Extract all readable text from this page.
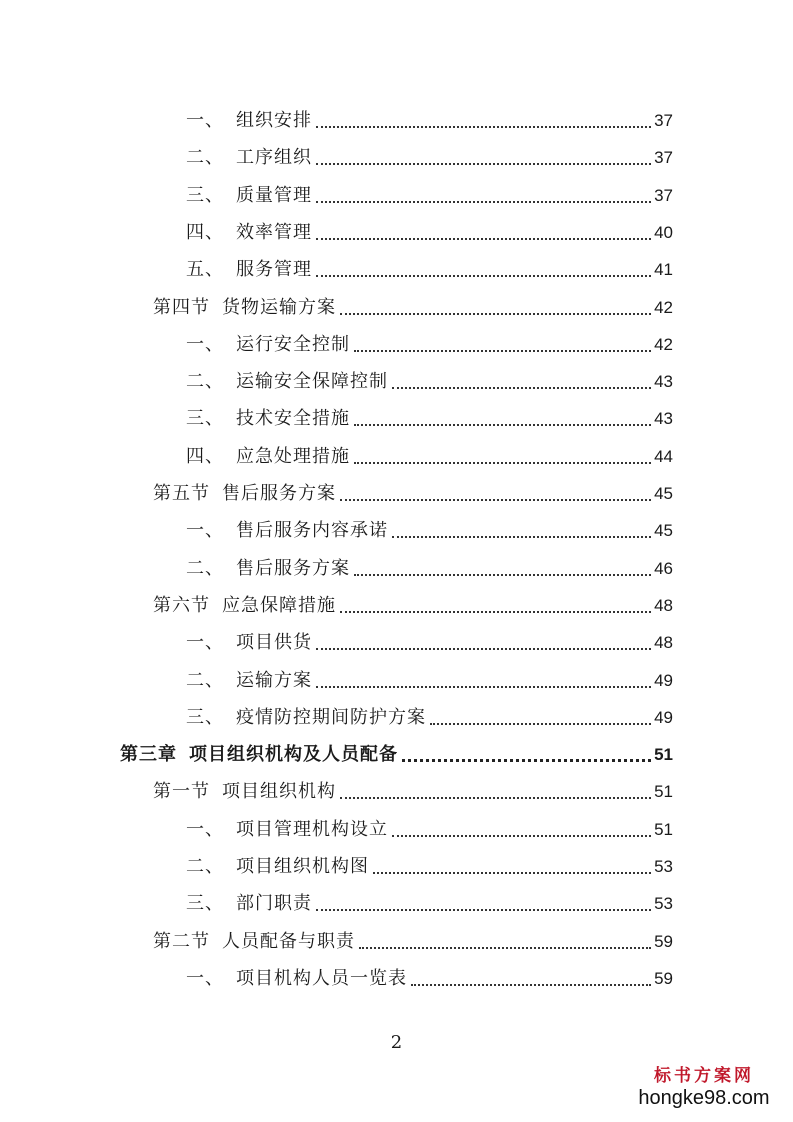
一、 组织安排	37
二、 工序组织	37
三、 质量管理	37
四、 效率管理	40
五、 服务管理	41
第四节 货物运输方案	42
一、 运行安全控制	42
二、 运输安全保障控制	43
三、 技术安全措施	43
四、 应急处理措施	44
第五节 售后服务方案	45
一、 售后服务内容承诺	45
二、 售后服务方案	46
第六节 应急保障措施	48
一、 项目供货	48
二、 运输方案	49
三、 疫情防控期间防护方案	49
第三章 项目组织机构及人员配备	51
第一节 项目组织机构	51
一、 项目管理机构设立	51
二、 项目组织机构图	53
三、 部门职责	53
第二节 人员配备与职责	59
一、 项目机构人员一览表	59
2
标书方案网
hongke98.com
